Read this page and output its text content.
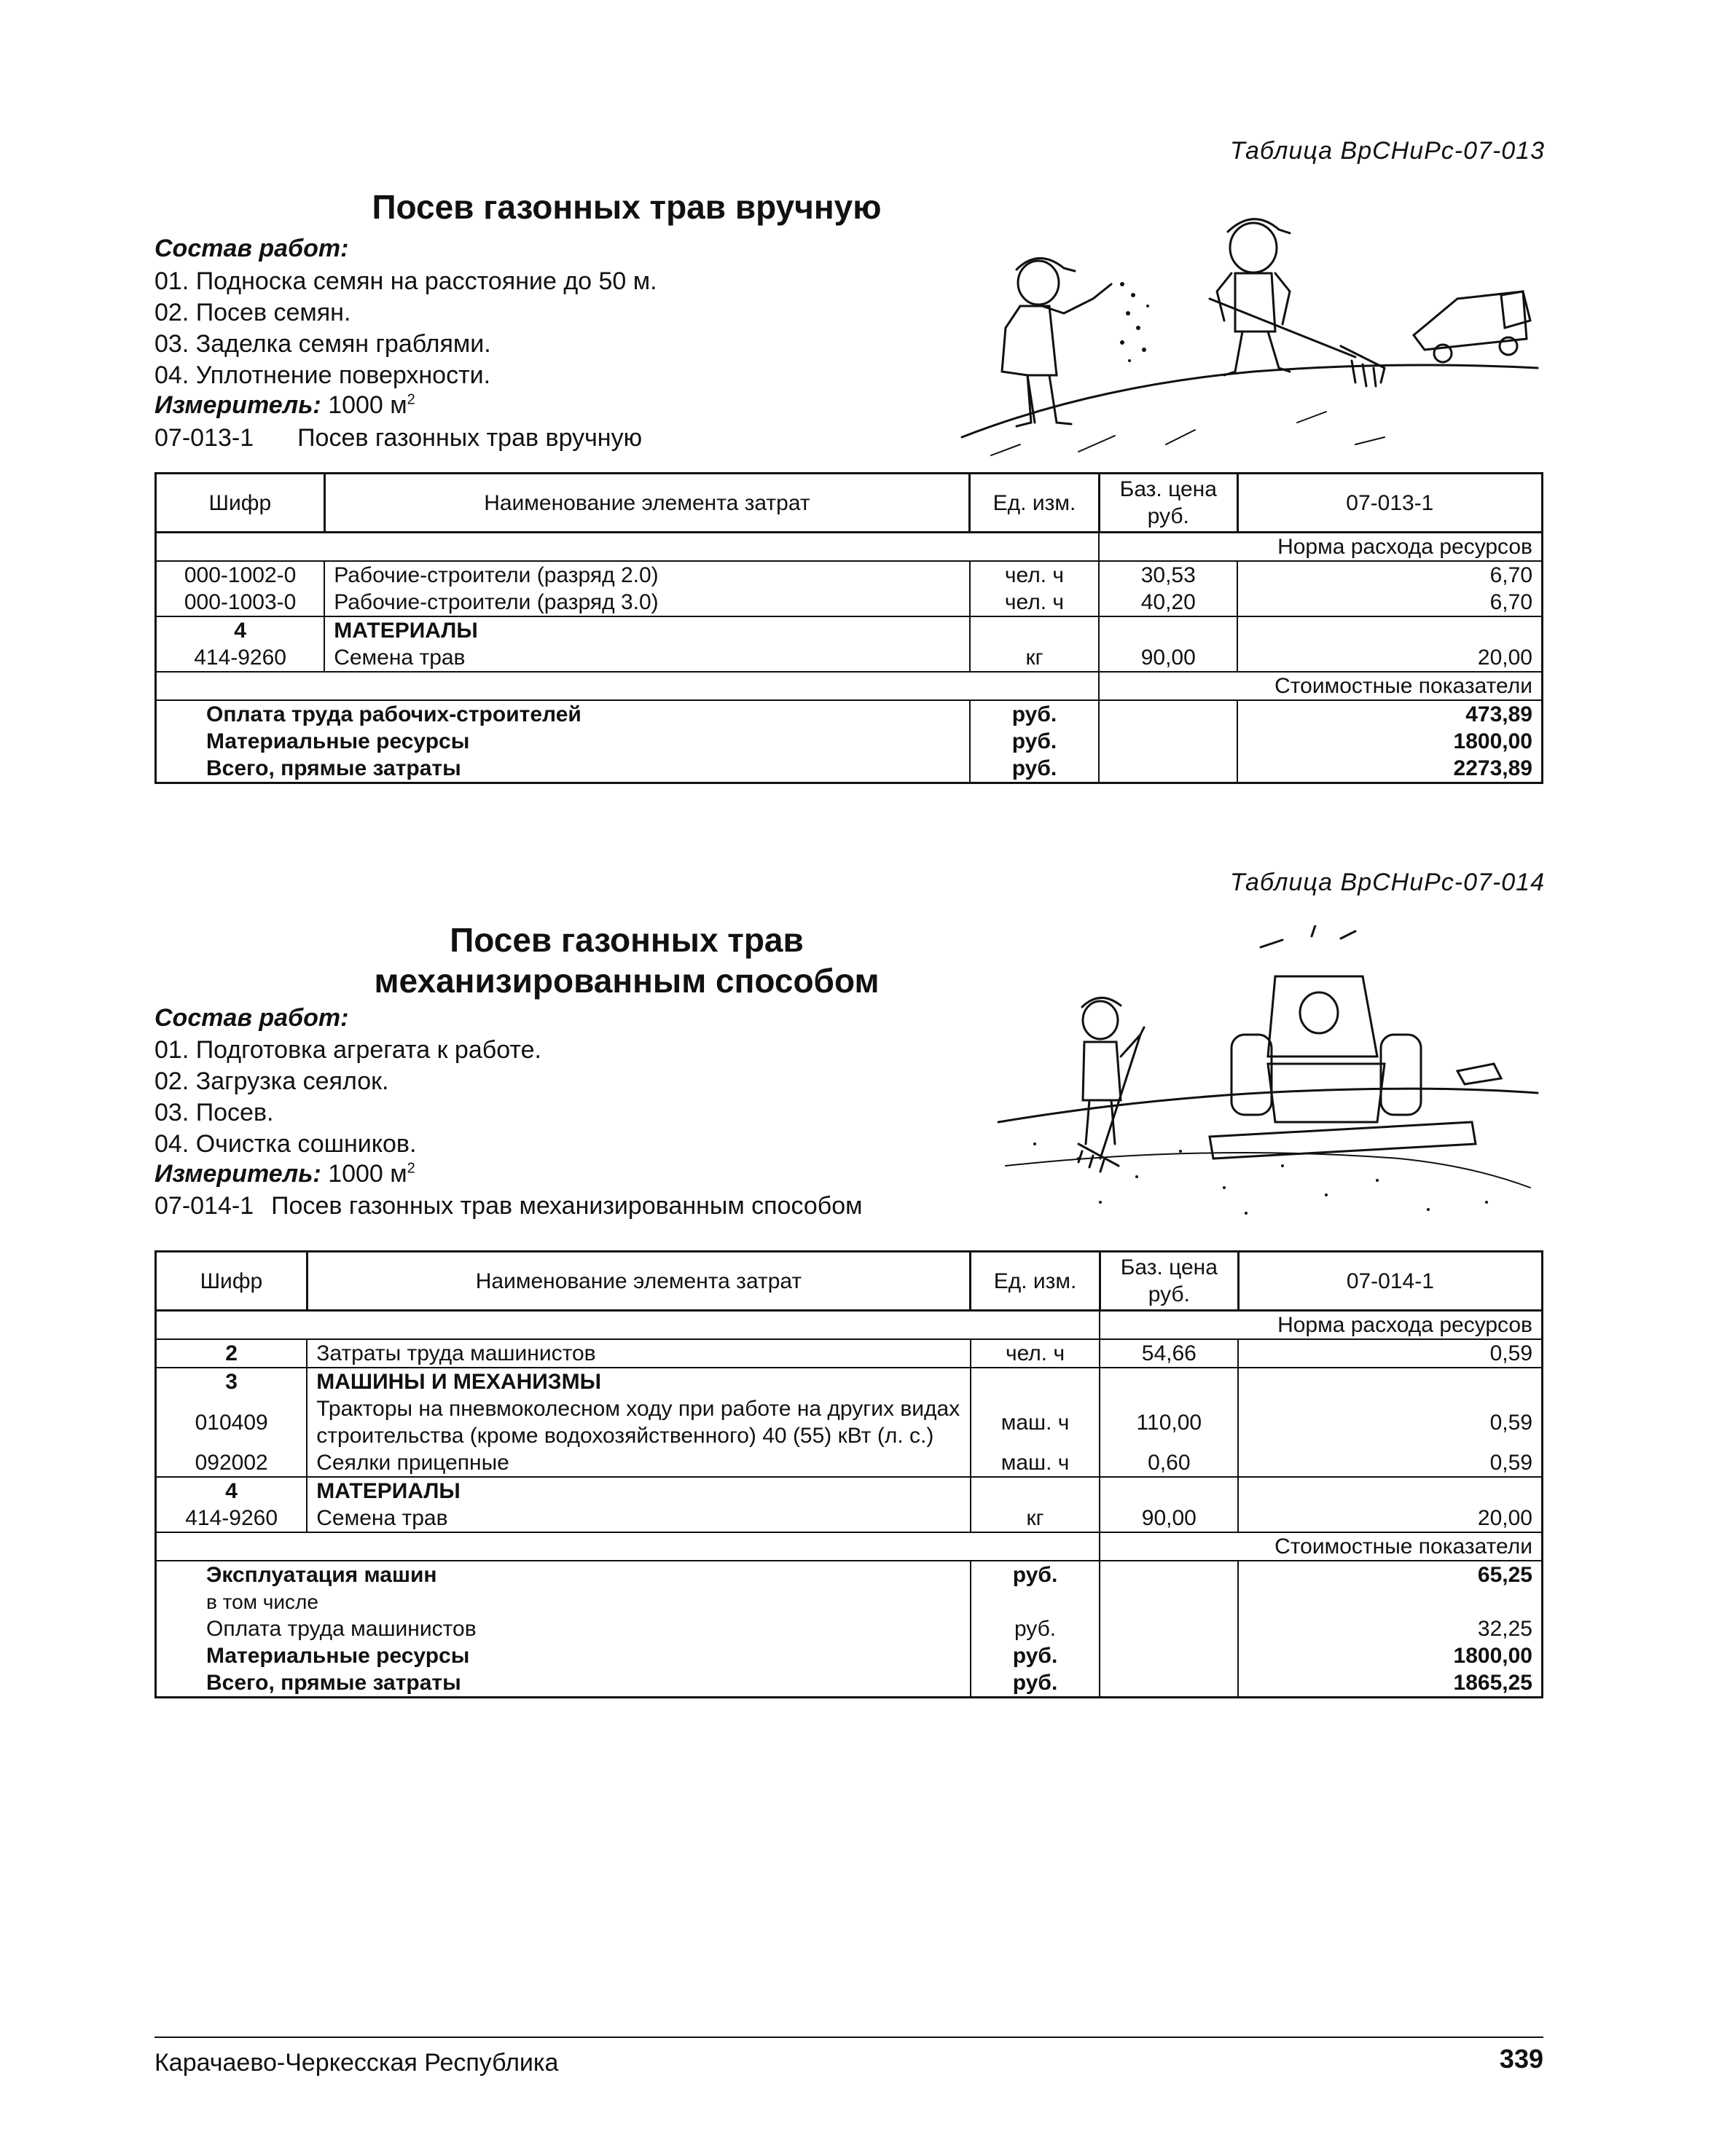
Таблица ВрСНиРс-07-013
Посев газонных трав вручную
Состав работ:
01. Подноска семян на расстояние до 50 м.
02. Посев семян.
03. Заделка семян граблями.
04. Уплотнение поверхности.
Измеритель: 1000 $м^2$
07-013-1 Посев газонных трав вручную
Шифр	Наименование элемента затрат	Ед. изм.	Баз. цена руб.	07-013-1
			Норма расхода ресурсов	
000-1002-0	Рабочие-строители (разряд 2.0)	чел. ч	30,53	6,70
000-1003-0	Рабочие-строители (разряд 3.0)	чел. ч	40,20	6,70
4	МАТЕРИАЛЫ			
414-9260	Семена трав	кг	90,00	20,00
			Стоимостные показатели	
Оплата труда рабочих-строителей		руб.		473,89
Материальные ресурсы		руб.		1800,00
Всего, прямые затраты		руб.		2273,89
Таблица ВрСНиРс-07-014
Посев газонных трав
механизированным способом
Состав работ:
01. Подготовка агрегата к работе.
02. Загрузка сеялок.
03. Посев.
04. Очистка сошников.
Измеритель: 1000 $м^2$
07-014-1 Посев газонных трав механизированным способом
Шифр	Наименование элемента затрат	Ед. изм.	Баз. цена руб.	07-014-1
			Норма расхода ресурсов	
2	Затраты труда машинистов	чел. ч	54,66	0,59
3	МАШИНЫ И МЕХАНИЗМЫ			
010409	Тракторы на пневмоколесном ходу при работе на других видах строительства (кроме водохозяйственного) 40 (55) кВт (л. с.)	маш. ч	110,00	0,59
092002	Сеялки прицепные	маш. ч	0,60	0,59
4	МАТЕРИАЛЫ			
414-9260	Семена трав	кг	90,00	20,00
			Стоимостные показатели	
Эксплуатация машин		руб.		65,25
в том числе				
Оплата труда машинистов		руб.		32,25
Материальные ресурсы		руб.		1800,00
Всего, прямые затраты		руб.		1865,25
Карачаево-Черкесская Республика	339
